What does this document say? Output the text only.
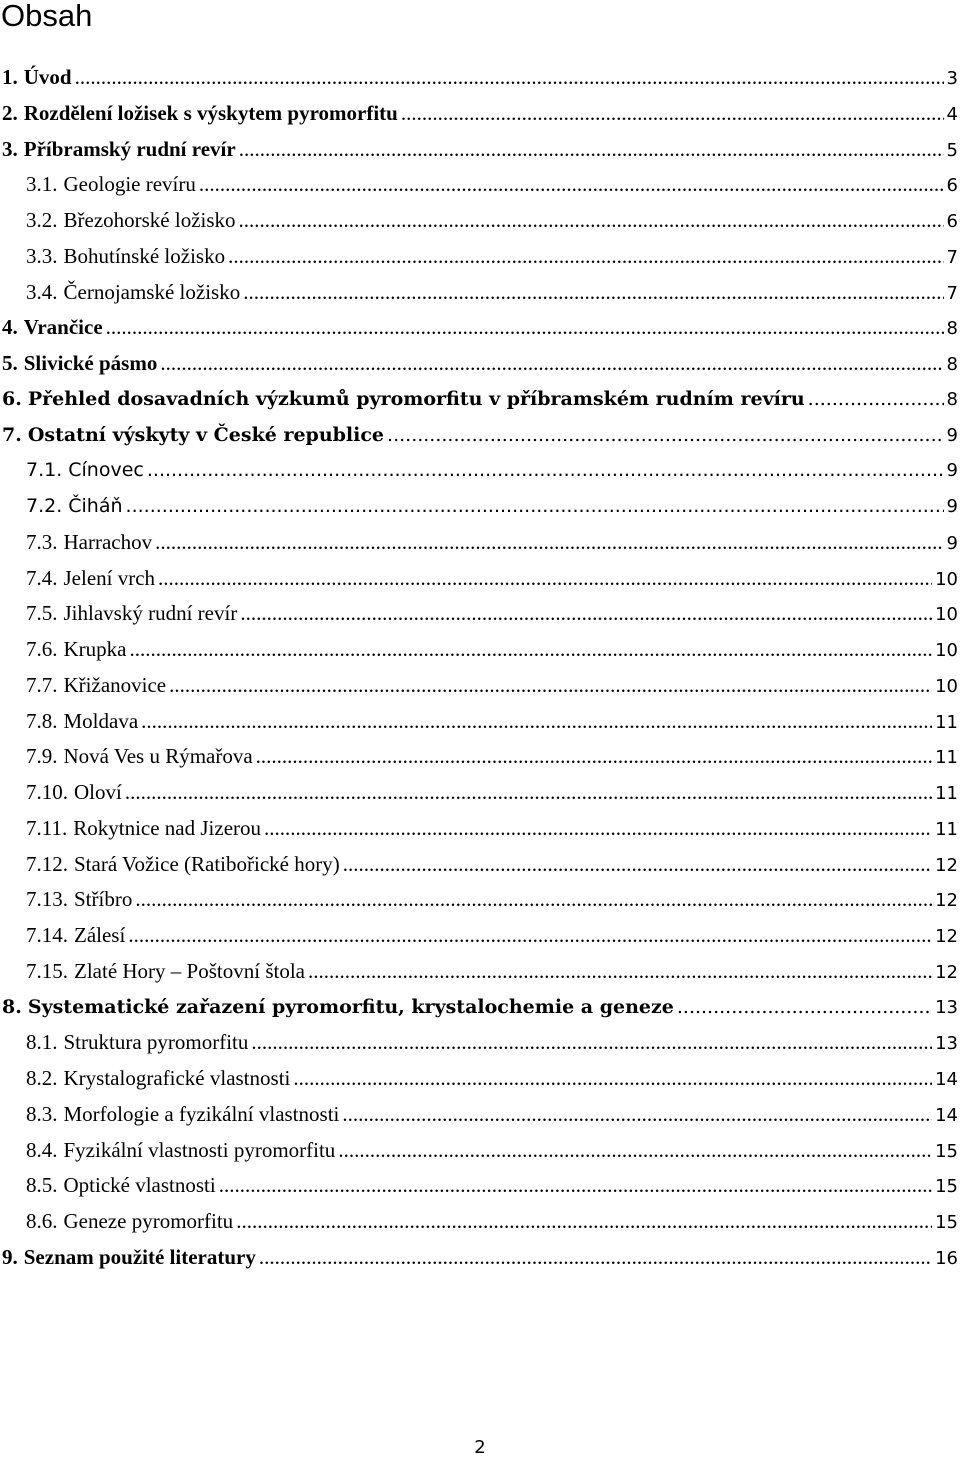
Obsah
1. Úvod .....	3
2. Rozdělení ložisek s výskytem pyromorfitu .....	4
3. Příbramský rudní revír .....	5
3.1. Geologie revíru .....	6
3.2. Březohorské ložisko .....	6
3.3. Bohutínské ložisko .....	7
3.4. Černojamské ložisko .....	7
4. Vrančice .....	8
5. Slivické pásmo .....	8
6. Přehled dosavadních výzkumů pyromorfitu v příbramském rudním revíru .....	8
7. Ostatní výskyty v České republice .....	9
7.1. Cínovec .....	9
7.2. Čiháň .....	9
7.3. Harrachov .....	9
7.4. Jelení vrch .....	10
7.5. Jihlavský rudní revír .....	10
7.6. Krupka .....	10
7.7. Křižanovice .....	10
7.8. Moldava .....	11
7.9. Nová Ves u Rýmařova .....	11
7.10. Oloví .....	11
7.11. Rokytnice nad Jizerou .....	11
7.12. Stará Vožice (Ratibořické hory) .....	12
7.13. Stříbro .....	12
7.14. Zálesí .....	12
7.15. Zlaté Hory – Poštovní štola .....	12
8. Systematické zařazení pyromorfitu, krystalochemie a geneze .....	13
8.1. Struktura pyromorfitu .....	13
8.2. Krystalografické vlastnosti .....	14
8.3. Morfologie a fyzikální vlastnosti .....	14
8.4. Fyzikální vlastnosti pyromorfitu .....	15
8.5. Optické vlastnosti .....	15
8.6. Geneze pyromorfitu .....	15
9. Seznam použité literatury .....	16
2
